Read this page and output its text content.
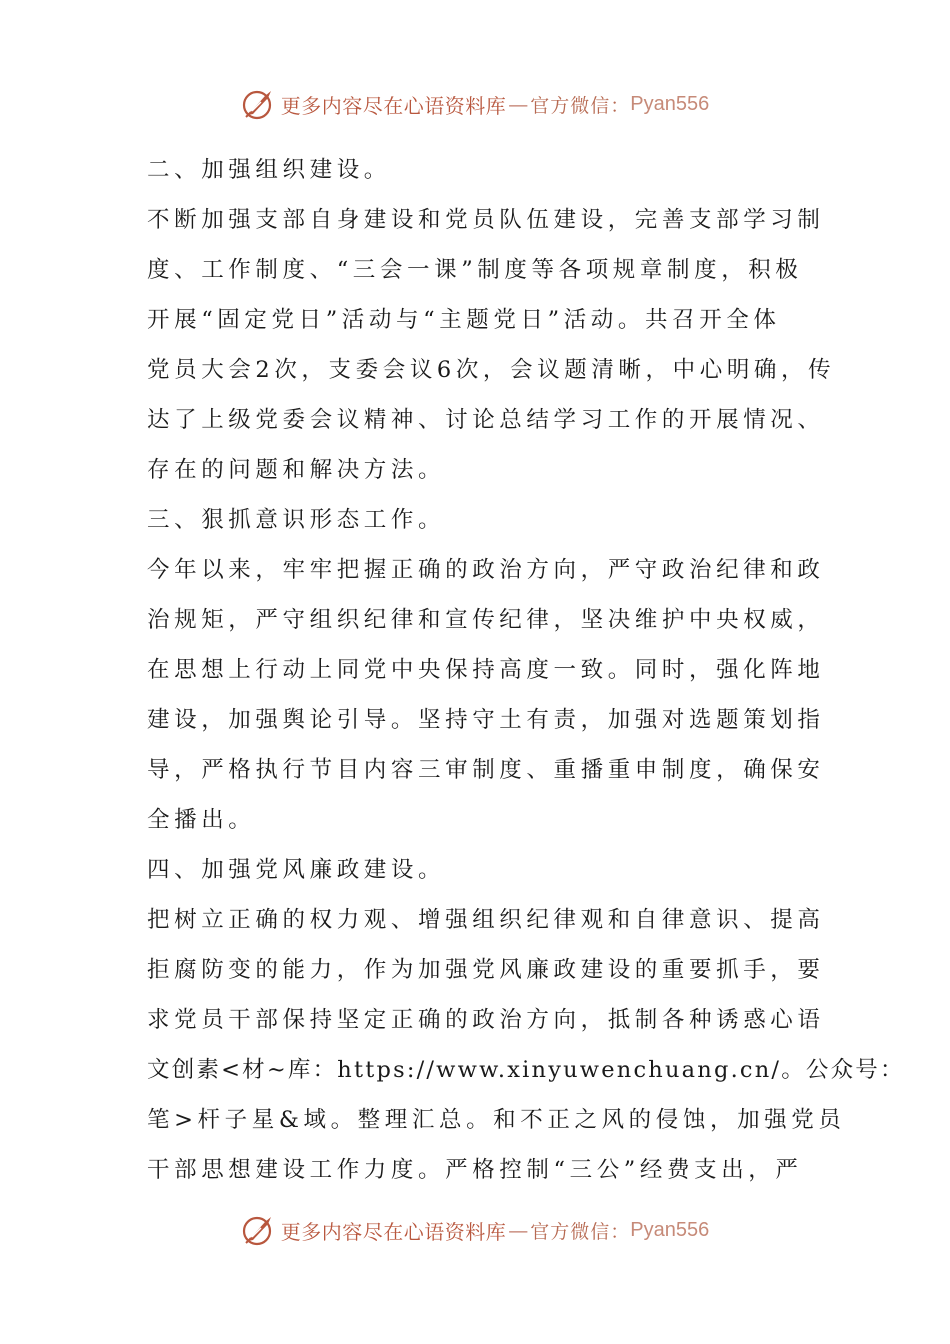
更多内容尽在心语资料库 — 官方微信： Pyan556
二、加强组织建设。
不断加强支部自身建设和党员队伍建设，完善支部学习制
度、工作制度、“三会一课”制度等各项规章制度，积极
开展“固定党日”活动与“主题党日”活动。共召开全体
党员大会2次，支委会议6次，会议题清晰，中心明确，传
达了上级党委会议精神、讨论总结学习工作的开展情况、
存在的问题和解决方法。
三、狠抓意识形态工作。
今年以来，牢牢把握正确的政治方向，严守政治纪律和政
治规矩，严守组织纪律和宣传纪律，坚决维护中央权威，
在思想上行动上同党中央保持高度一致。同时，强化阵地
建设，加强舆论引导。坚持守土有责，加强对选题策划指
导，严格执行节目内容三审制度、重播重申制度，确保安
全播出。
四、加强党风廉政建设。
把树立正确的权力观、增强组织纪律观和自律意识、提高
拒腐防变的能力，作为加强党风廉政建设的重要抓手，要
求党员干部保持坚定正确的政治方向，抵制各种诱惑心语
文创素<材~库：https://www.xinyuwenchuang.cn/。公众号：
笔>杆子星&域。整理汇总。和不正之风的侵蚀，加强党员
干部思想建设工作力度。严格控制“三公”经费支出，严
更多内容尽在心语资料库 — 官方微信： Pyan556
